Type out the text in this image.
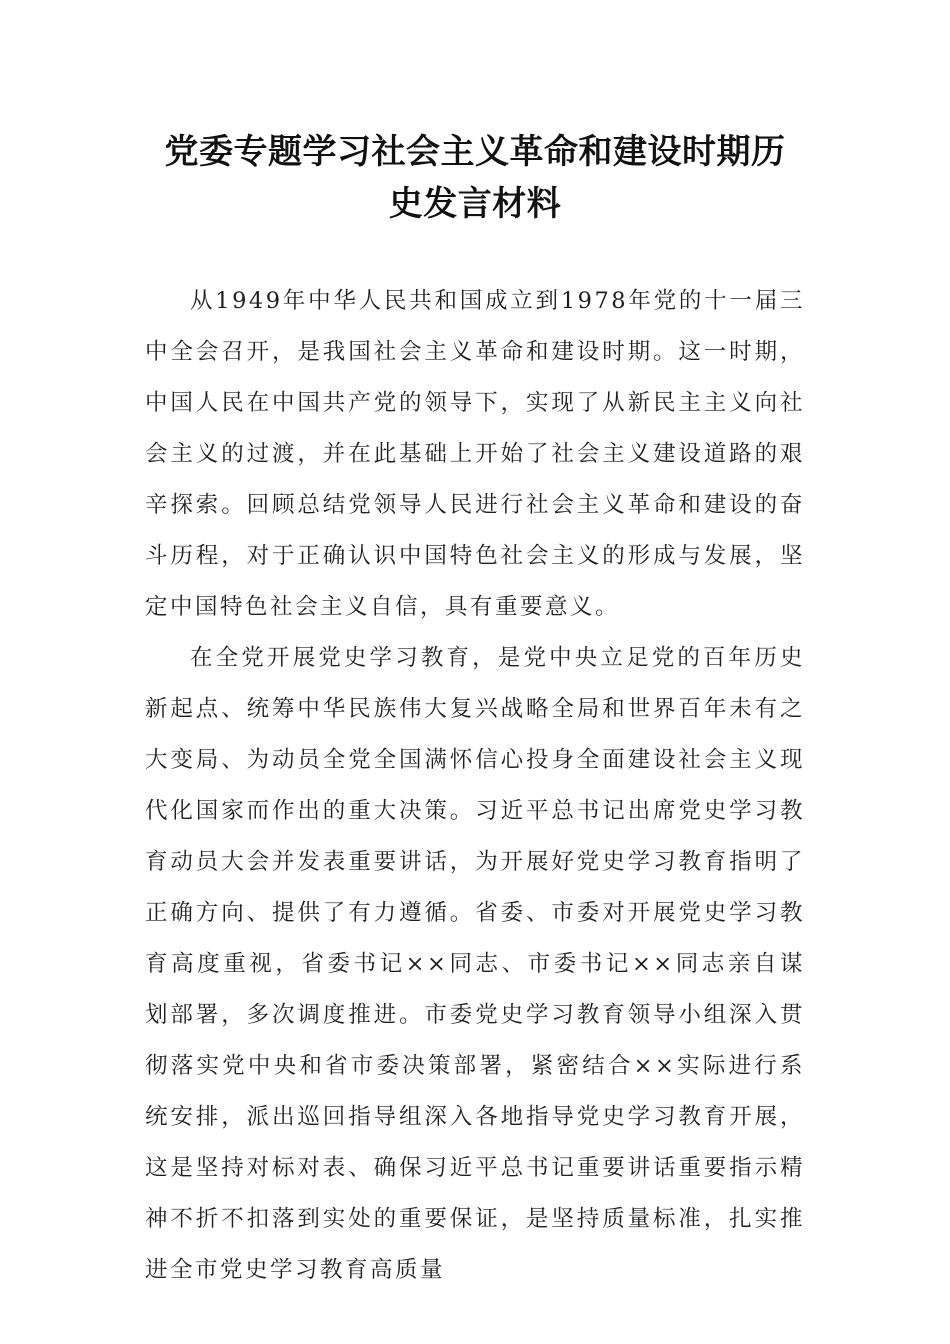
党委专题学习社会主义革命和建设时期历
史发言材料

从1949年中华人民共和国成立到1978年党的十一届三中全会召开，是我国社会主义革命和建设时期。这一时期，中国人民在中国共产党的领导下，实现了从新民主主义向社会主义的过渡，并在此基础上开始了社会主义建设道路的艰辛探索。回顾总结党领导人民进行社会主义革命和建设的奋斗历程，对于正确认识中国特色社会主义的形成与发展，坚定中国特色社会主义自信，具有重要意义。

在全党开展党史学习教育，是党中央立足党的百年历史新起点、统筹中华民族伟大复兴战略全局和世界百年未有之大变局、为动员全党全国满怀信心投身全面建设社会主义现代化国家而作出的重大决策。习近平总书记出席党史学习教育动员大会并发表重要讲话，为开展好党史学习教育指明了正确方向、提供了有力遵循。省委、市委对开展党史学习教育高度重视，省委书记××同志、市委书记××同志亲自谋划部署，多次调度推进。市委党史学习教育领导小组深入贯彻落实党中央和省市委决策部署，紧密结合××实际进行系统安排，派出巡回指导组深入各地指导党史学习教育开展，这是坚持对标对表、确保习近平总书记重要讲话重要指示精神不折不扣落到实处的重要保证，是坚持质量标准，扎实推进全市党史学习教育高质量
